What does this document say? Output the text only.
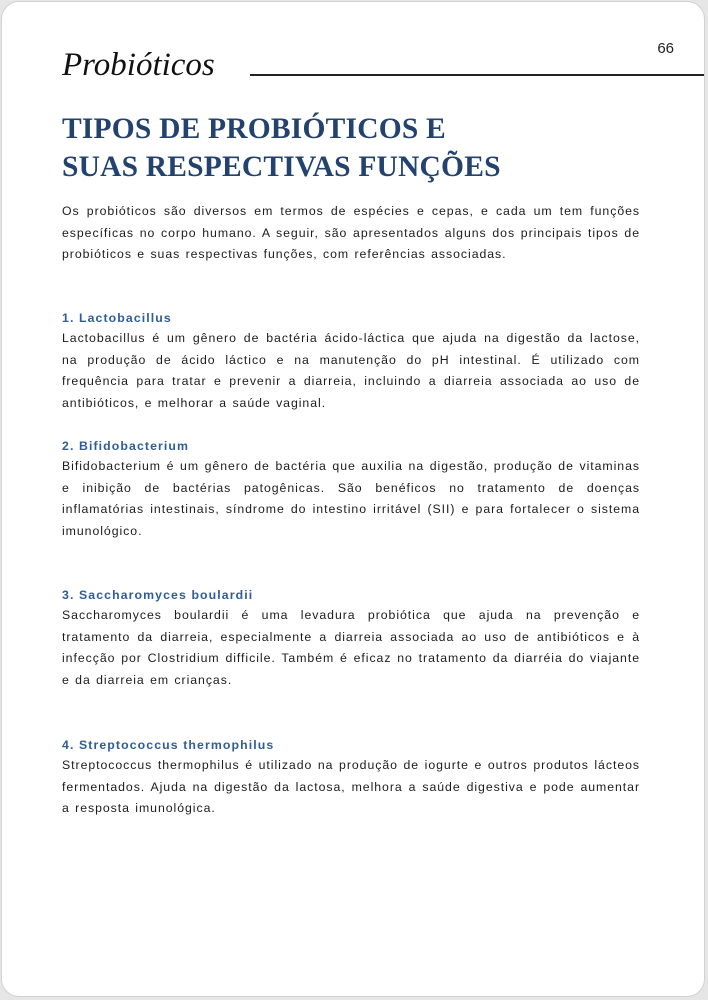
66
Probióticos
TIPOS DE PROBIÓTICOS E
SUAS RESPECTIVAS FUNÇÕES

Os probióticos são diversos em termos de espécies e cepas, e cada um tem funções específicas no corpo humano. A seguir, são apresentados alguns dos principais tipos de probióticos e suas respectivas funções, com referências associadas.

1. Lactobacillus

Lactobacillus é um gênero de bactéria ácido-láctica que ajuda na digestão da lactose, na produção de ácido láctico e na manutenção do pH intestinal. É utilizado com frequência para tratar e prevenir a diarreia, incluindo a diarreia associada ao uso de antibióticos, e melhorar a saúde vaginal.

2. Bifidobacterium

Bifidobacterium é um gênero de bactéria que auxilia na digestão, produção de vitaminas e inibição de bactérias patogênicas. São benéficos no tratamento de doenças inflamatórias intestinais, síndrome do intestino irritável (SII) e para fortalecer o sistema imunológico.

3. Saccharomyces boulardii

Saccharomyces boulardii é uma levadura probiótica que ajuda na prevenção e tratamento da diarreia, especialmente a diarreia associada ao uso de antibióticos e à infecção por Clostridium difficile. Também é eficaz no tratamento da diarréia do viajante e da diarreia em crianças.

4. Streptococcus thermophilus

Streptococcus thermophilus é utilizado na produção de iogurte e outros produtos lácteos fermentados. Ajuda na digestão da lactosa, melhora a saúde digestiva e pode aumentar a resposta imunológica.
